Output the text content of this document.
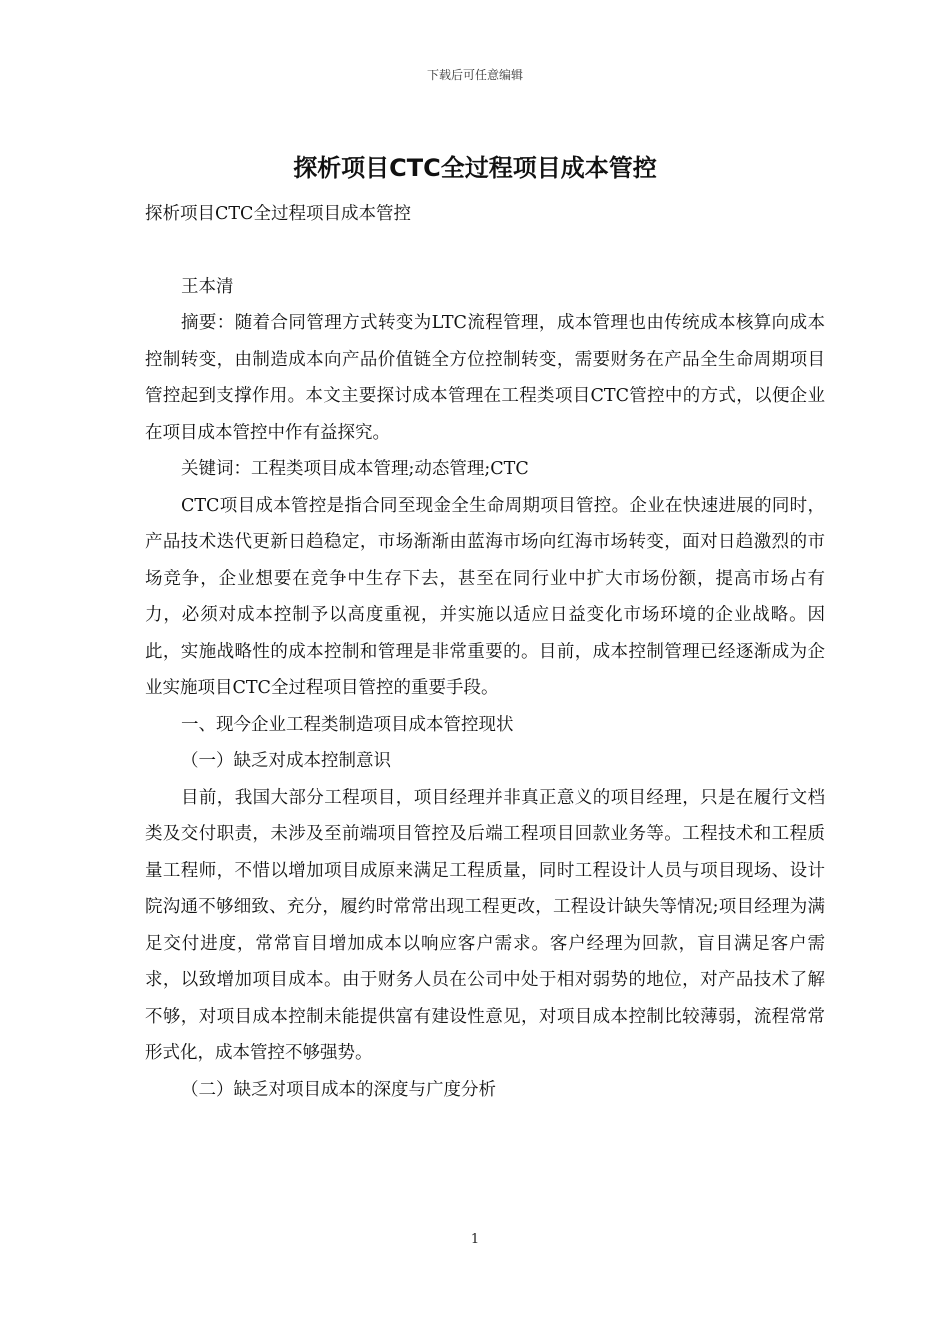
下载后可任意编辑
探析项目CTC全过程项目成本管控

探析项目CTC全过程项目成本管控

王本清

摘要：随着合同管理方式转变为LTC流程管理，成本管理也由传统成本核算向成本控制转变，由制造成本向产品价值链全方位控制转变，需要财务在产品全生命周期项目管控起到支撑作用。本文主要探讨成本管理在工程类项目CTC管控中的方式，以便企业在项目成本管控中作有益探究。

关键词：工程类项目成本管理;动态管理;CTC

CTC项目成本管控是指合同至现金全生命周期项目管控。企业在快速进展的同时，产品技术迭代更新日趋稳定，市场渐渐由蓝海市场向红海市场转变，面对日趋激烈的市场竞争，企业想要在竞争中生存下去，甚至在同行业中扩大市场份额，提高市场占有力，必须对成本控制予以高度重视，并实施以适应日益变化市场环境的企业战略。因此，实施战略性的成本控制和管理是非常重要的。目前，成本控制管理已经逐渐成为企业实施项目CTC全过程项目管控的重要手段。

一、现今企业工程类制造项目成本管控现状

（一）缺乏对成本控制意识

目前，我国大部分工程项目，项目经理并非真正意义的项目经理，只是在履行文档类及交付职责，未涉及至前端项目管控及后端工程项目回款业务等。工程技术和工程质量工程师，不惜以增加项目成原来满足工程质量，同时工程设计人员与项目现场、设计院沟通不够细致、充分，履约时常常出现工程更改，工程设计缺失等情况;项目经理为满足交付进度，常常盲目增加成本以响应客户需求。客户经理为回款，盲目满足客户需求，以致增加项目成本。由于财务人员在公司中处于相对弱势的地位，对产品技术了解不够，对项目成本控制未能提供富有建设性意见，对项目成本控制比较薄弱，流程常常形式化，成本管控不够强势。

（二）缺乏对项目成本的深度与广度分析

1
